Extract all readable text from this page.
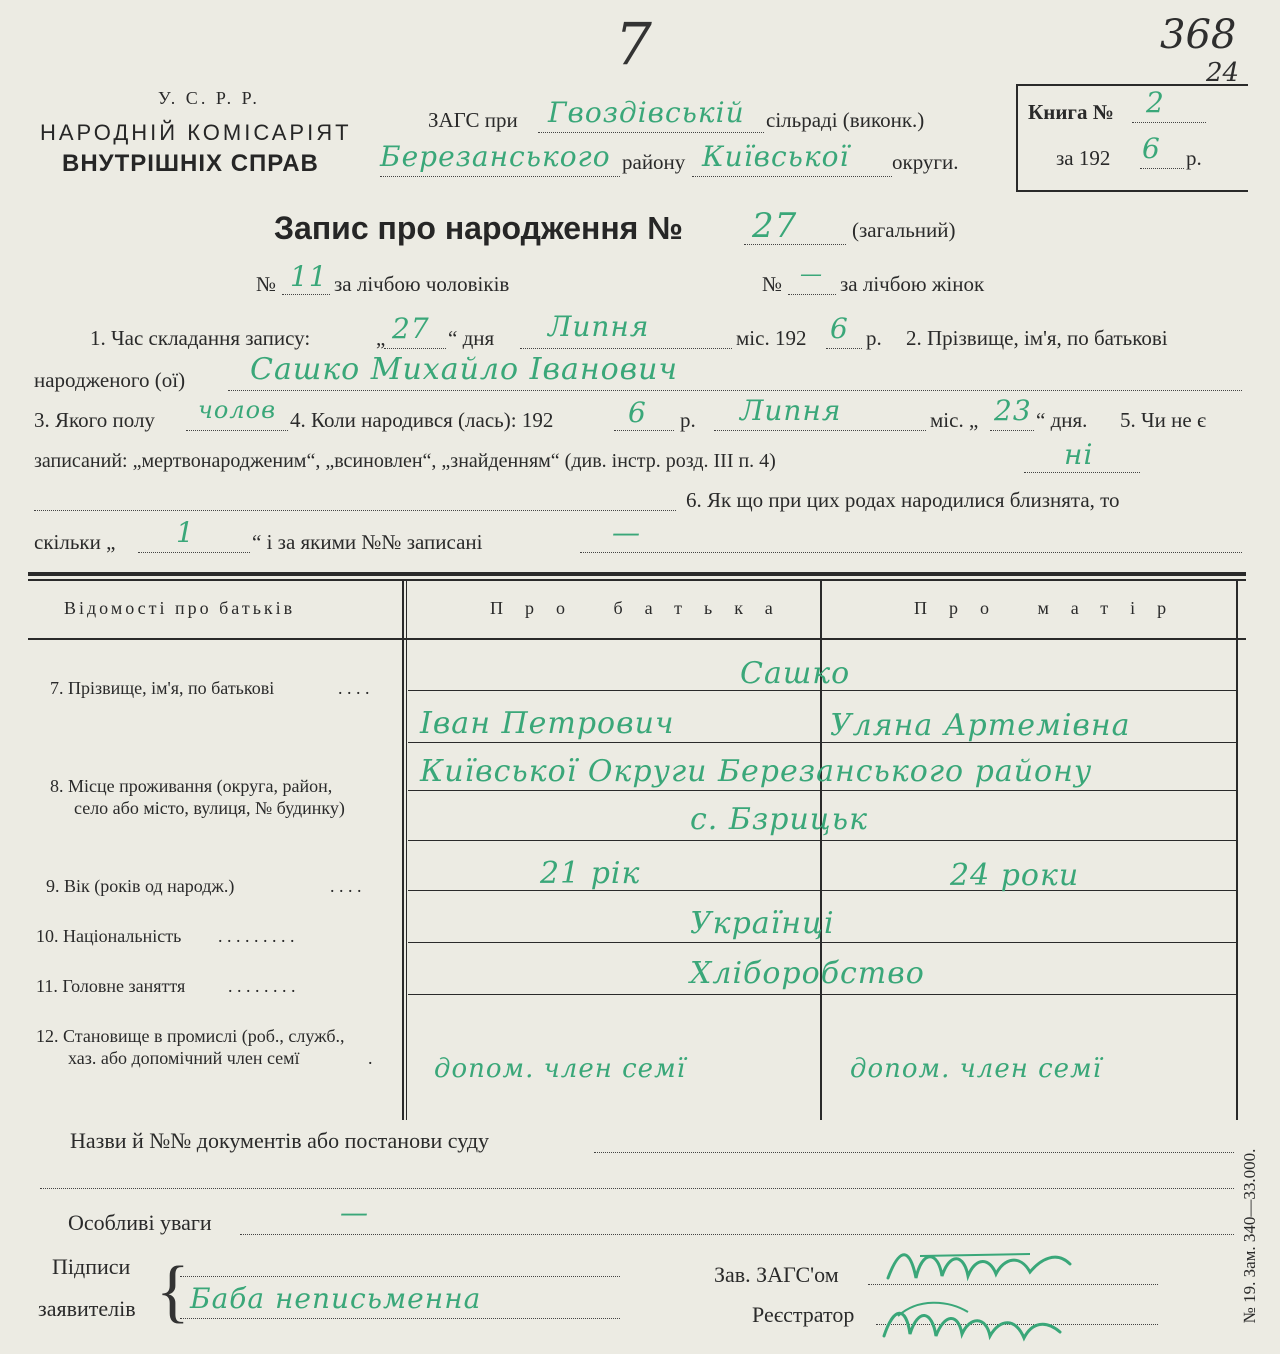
368
24
7
У. С. Р. Р.
НАРОДНІЙ КОМІСАРІЯТ
ВНУТРІШНІХ СПРАВ
ЗАГС при Гвоздівській сільраді (виконк.)
Березанського району Київської округи.
Книга № 2
за 192 6 р.
Запис про народження № 27	(загальний)
№ 11 за лічбою чоловіків	№ — за лічбою жінок
1. Час складання запису:	„ 27 “ дня Липня	міс. 192 6 р. 2. Прізвище, ім'я, по батькові
народженого (ої) Сашко Михайло Іванович
3. Якого полу чолов 4. Коли народився (лась): 192	6 р. Липня	міс. „ 23 “ дня. 5. Чи не є
записаний: „мертвонародженим“, „всиновлен“, „знайденням“ (див. інстр. розд. ІІІ п. 4)	ні
6. Як що при цих родах народилися близнята, то
скільки „ 1	“ і за якими №№ записані	—
Відомості про батьків	Про батька	Про матір
7. Прізвище, ім'я, по батькові	. . . .	Сашко
Іван Петрович	Уляна Артемівна
8. Місце проживання (округа, район,
село або місто, вулиця, № будинку)
Київської Округи Березанського району
с. Бзрицьк
9. Вік (років од народж.)	. . . .	21 рік	24 роки
10. Національність . . . . . . . . .	Українці
11. Головне заняття . . . . . . . .	Хліборобство
12. Становище в промислі (роб., служб.,
хаз. або допомічний член семї	. допом. член семї	допом. член семї
Назви й №№ документів або постанови суду
Особливі уваги	—
Підписи
заявителів { Баба неписьменна
Зав. ЗАГС'ом
Реєстратор	№ 19. Зам. 340—33.000.
